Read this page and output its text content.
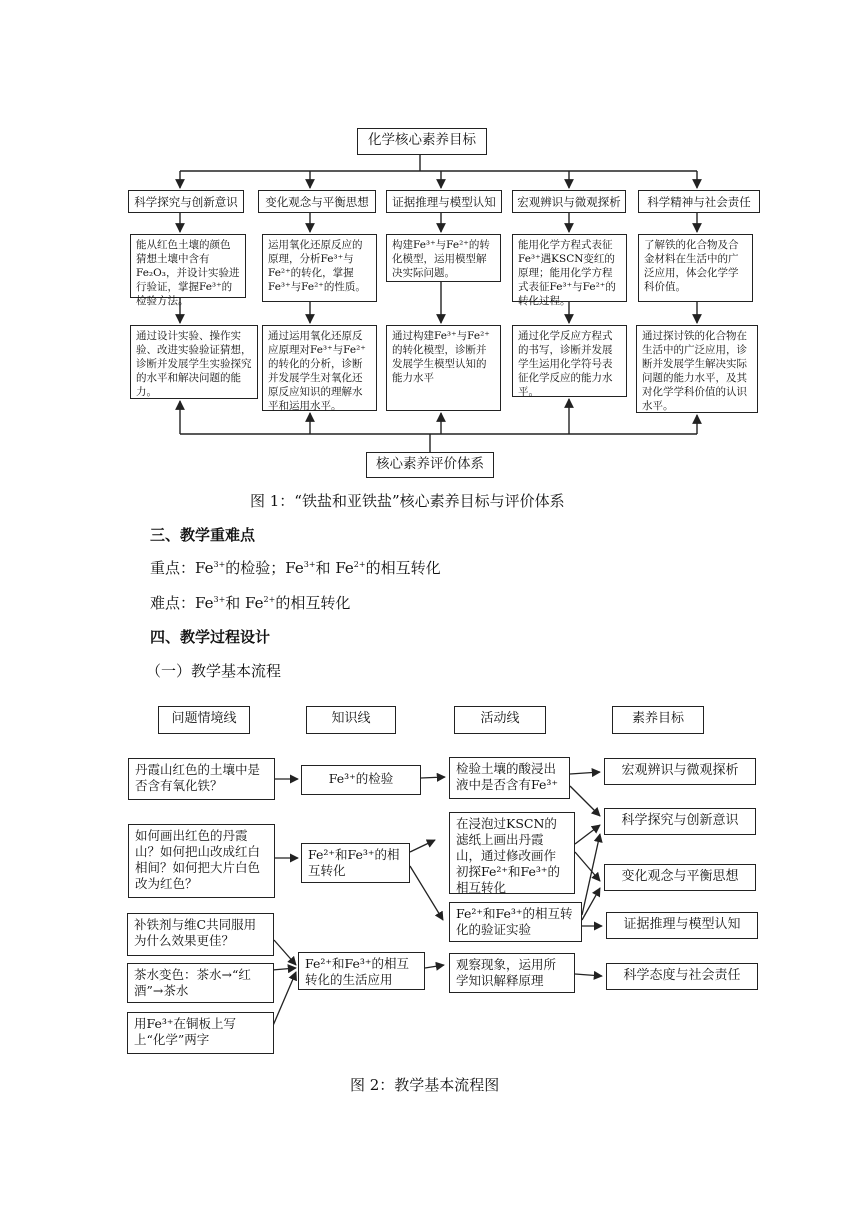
化学核心素养目标
科学探究与创新意识	变化观念与平衡思想	证据推理与模型认知	宏观辨识与微观探析	科学精神与社会责任
能从红色土壤的颜色猜想土壤中含有Fe₂O₃，并设计实验进行验证，掌握Fe³⁺的检验方法。
运用氧化还原反应的原理，分析Fe³⁺与Fe²⁺的转化，掌握Fe³⁺与Fe²⁺的性质。
构建Fe³⁺与Fe²⁺的转化模型，运用模型解决实际问题。
能用化学方程式表征Fe³⁺遇KSCN变红的原理；能用化学方程式表征Fe³⁺与Fe²⁺的转化过程。
了解铁的化合物及合金材料在生活中的广泛应用，体会化学学科价值。
通过设计实验、操作实验、改进实验验证猜想，诊断并发展学生实验探究的水平和解决问题的能力。
通过运用氧化还原反应原理对Fe³⁺与Fe²⁺的转化的分析，诊断并发展学生对氧化还原反应知识的理解水平和运用水平。
通过构建Fe³⁺与Fe²⁺的转化模型，诊断并发展学生模型认知的能力水平
通过化学反应方程式的书写，诊断并发展学生运用化学符号表征化学反应的能力水平。
通过探讨铁的化合物在生活中的广泛应用，诊断并发展学生解决实际问题的能力水平，及其对化学学科价值的认识水平。
核心素养评价体系
图 1：“铁盐和亚铁盐”核心素养目标与评价体系
三、教学重难点
重点：$Fe^{3+}$的检验；$Fe^{3+}$和 $Fe^{2+}$的相互转化
难点：$Fe^{3+}$和 $Fe^{2+}$的相互转化
四、教学过程设计
（一）教学基本流程
问题情境线	知识线	活动线	素养目标
丹霞山红色的土壤中是否含有氧化铁？
如何画出红色的丹霞山？如何把山改成红白相间？如何把大片白色改为红色？
补铁剂与维C共同服用为什么效果更佳？
茶水变色：茶水→“红酒”→茶水
用Fe³⁺在铜板上写上“化学”两字
Fe³⁺的检验
Fe²⁺和Fe³⁺的相互转化
Fe²⁺和Fe³⁺的相互转化的生活应用
检验土壤的酸浸出液中是否含有Fe³⁺
在浸泡过KSCN的滤纸上画出丹霞山，通过修改画作初探Fe²⁺和Fe³⁺的相互转化
Fe²⁺和Fe³⁺的相互转化的验证实验
观察现象，运用所学知识解释原理
宏观辨识与微观探析
科学探究与创新意识
变化观念与平衡思想
证据推理与模型认知
科学态度与社会责任
图 2：教学基本流程图
